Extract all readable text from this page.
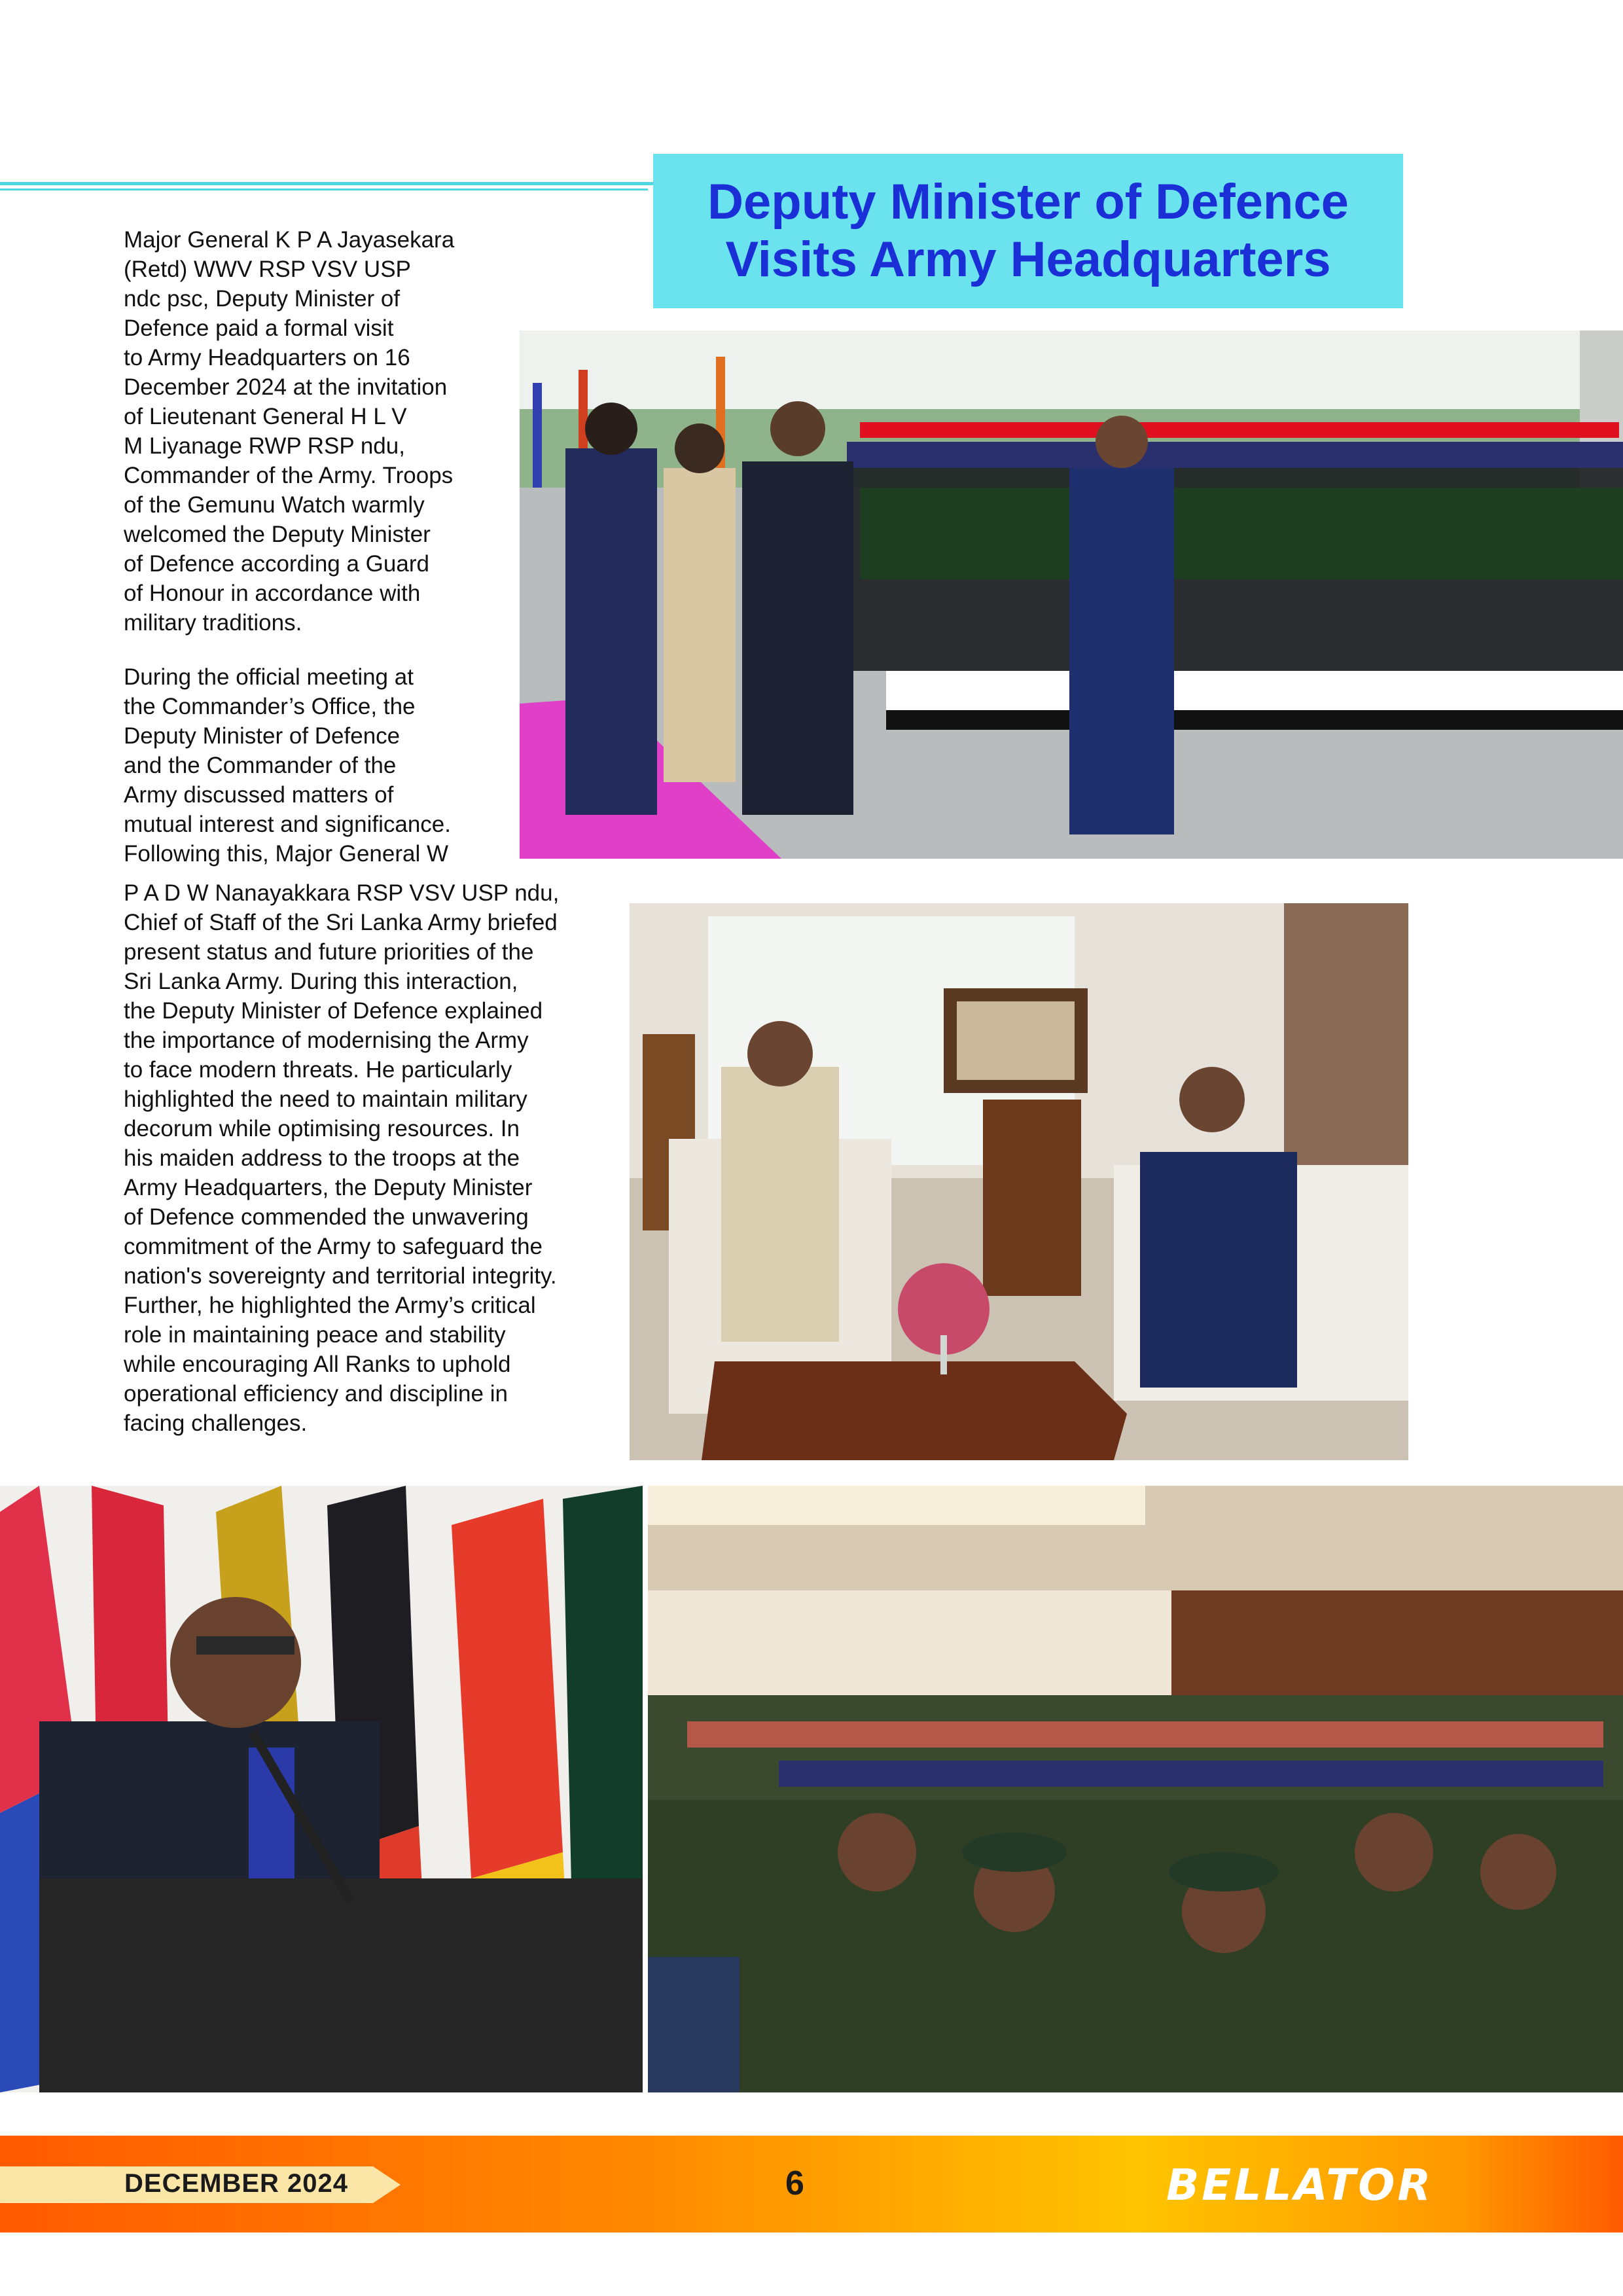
Deputy Minister of Defence
Visits Army Headquarters
Major General K P A Jayasekara
(Retd) WWV RSP VSV USP
ndc psc, Deputy Minister of
Defence paid a formal visit
to Army Headquarters on 16
December 2024 at the invitation
of Lieutenant General H L V
M Liyanage RWP RSP ndu,
Commander of the Army. Troops
of the Gemunu Watch warmly
welcomed the Deputy Minister
of Defence according a Guard
of Honour in accordance with
military traditions.
During the official meeting at
the Commander’s Office, the
Deputy Minister of Defence
and the Commander of the
Army discussed matters of
mutual interest and significance.
Following this, Major General W
P A D W Nanayakkara RSP VSV USP ndu,
Chief of Staff of the Sri Lanka Army briefed
present status and future priorities of the
Sri Lanka Army. During this interaction,
the Deputy Minister of Defence explained
the importance of modernising the Army
to face modern threats. He particularly
highlighted the need to maintain military
decorum while optimising resources. In
his maiden address to the troops at the
Army Headquarters, the Deputy Minister
of Defence commended the unwavering
commitment of the Army to safeguard the
nation's sovereignty and territorial integrity.
Further, he highlighted the Army’s critical
role in maintaining peace and stability
while encouraging All Ranks to uphold
operational efficiency and discipline in
facing challenges.
DECEMBER 2024	6	BELLATOR
